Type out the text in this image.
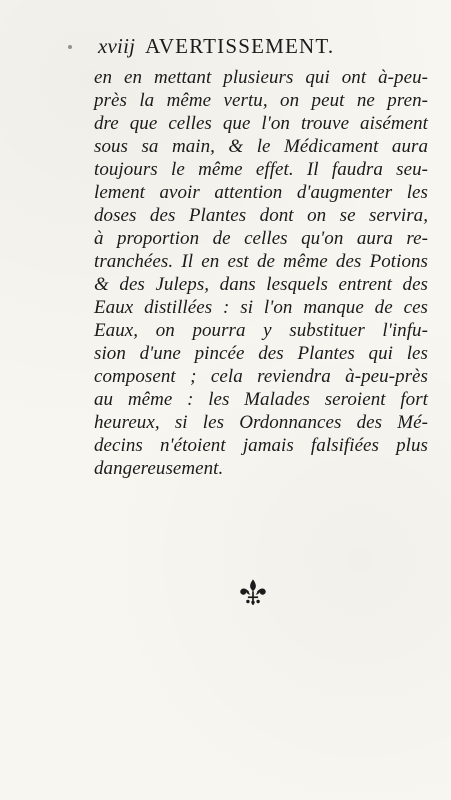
xviij AVERTISSEMENT.
en en mettant plusieurs qui ont à-peu-
près la même vertu, on peut ne pren-
dre que celles que l'on trouve aisément
sous sa main, & le Médicament aura
toujours le même effet. Il faudra seu-
lement avoir attention d'augmenter les
doses des Plantes dont on se servira,
à proportion de celles qu'on aura re-
tranchées. Il en est de même des Potions
& des Juleps, dans lesquels entrent des
Eaux distillées : si l'on manque de ces
Eaux, on pourra y substituer l'infu-
sion d'une pincée des Plantes qui les
composent ; cela reviendra à-peu-près
au même : les Malades seroient fort
heureux, si les Ordonnances des Mé-
decins n'étoient jamais falsifiées plus
dangereusement.
